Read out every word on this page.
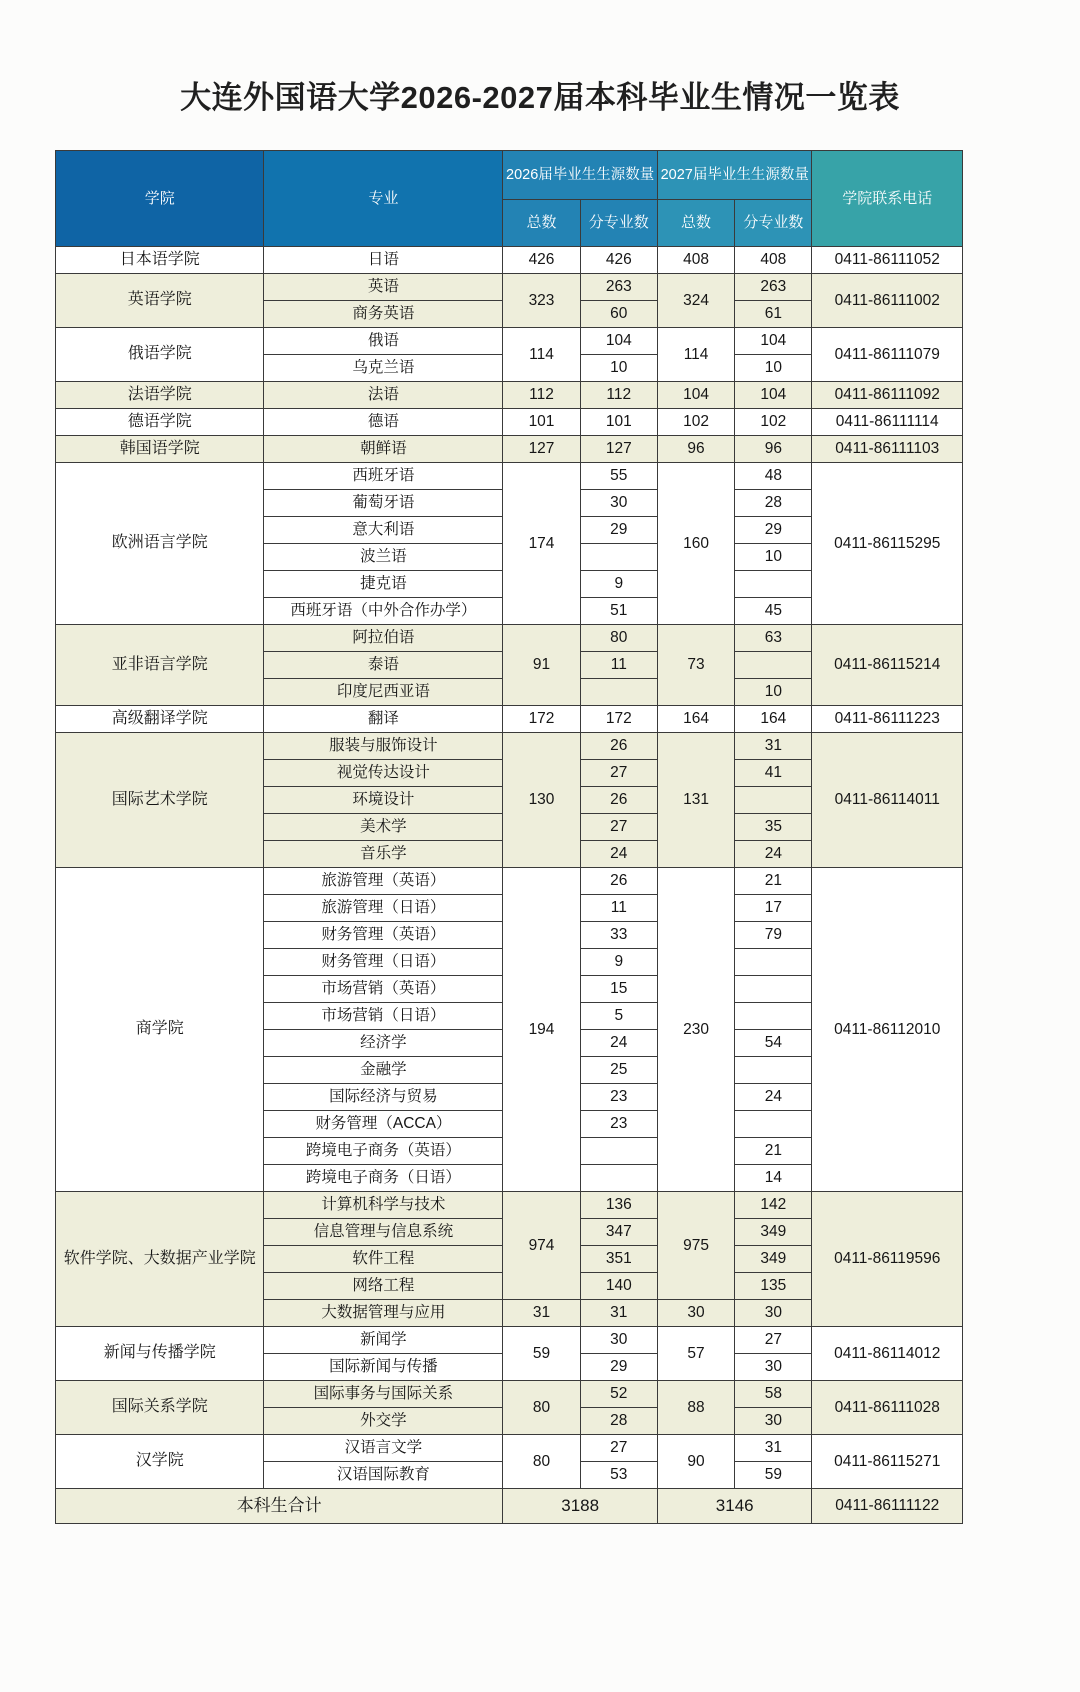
大连外国语大学2026-2027届本科毕业生情况一览表
学院	专业	2026届毕业生生源数量		2027届毕业生生源数量		学院联系电话
		总数	分专业数	总数	分专业数	
日本语学院	日语	426	426	408	408	0411-86111052
英语学院	英语	323	263	324	263	0411-86111002
	商务英语		60		61	
俄语学院	俄语	114	104	114	104	0411-86111079
	乌克兰语		10		10	
法语学院	法语	112	112	104	104	0411-86111092
德语学院	德语	101	101	102	102	0411-86111114
韩国语学院	朝鲜语	127	127	96	96	0411-86111103
欧洲语言学院	西班牙语	174	55	160	48	0411-86115295
	葡萄牙语		30		28	
	意大利语		29		29	
	波兰语				10	
	捷克语		9			
	西班牙语（中外合作办学）		51		45	
亚非语言学院	阿拉伯语	91	80	73	63	0411-86115214
	泰语		11			
	印度尼西亚语				10	
高级翻译学院	翻译	172	172	164	164	0411-86111223
国际艺术学院	服装与服饰设计	130	26	131	31	0411-86114011
	视觉传达设计		27		41	
	环境设计		26			
	美术学		27		35	
	音乐学		24		24	
商学院	旅游管理（英语）	194	26	230	21	0411-86112010
	旅游管理（日语）		11		17	
	财务管理（英语）		33		79	
	财务管理（日语）		9			
	市场营销（英语）		15			
	市场营销（日语）		5			
	经济学		24		54	
	金融学		25			
	国际经济与贸易		23		24	
	财务管理（ACCA）		23			
	跨境电子商务（英语）				21	
	跨境电子商务（日语）				14	
软件学院、大数据产业学院	计算机科学与技术	974	136	975	142	0411-86119596
	信息管理与信息系统		347		349	
	软件工程		351		349	
	网络工程		140		135	
	大数据管理与应用	31	31	30	30	
新闻与传播学院	新闻学	59	30	57	27	0411-86114012
	国际新闻与传播		29		30	
国际关系学院	国际事务与国际关系	80	52	88	58	0411-86111028
	外交学		28		30	
汉学院	汉语言文学	80	27	90	31	0411-86115271
	汉语国际教育		53		59	
本科生合计		3188		3146		0411-86111122
